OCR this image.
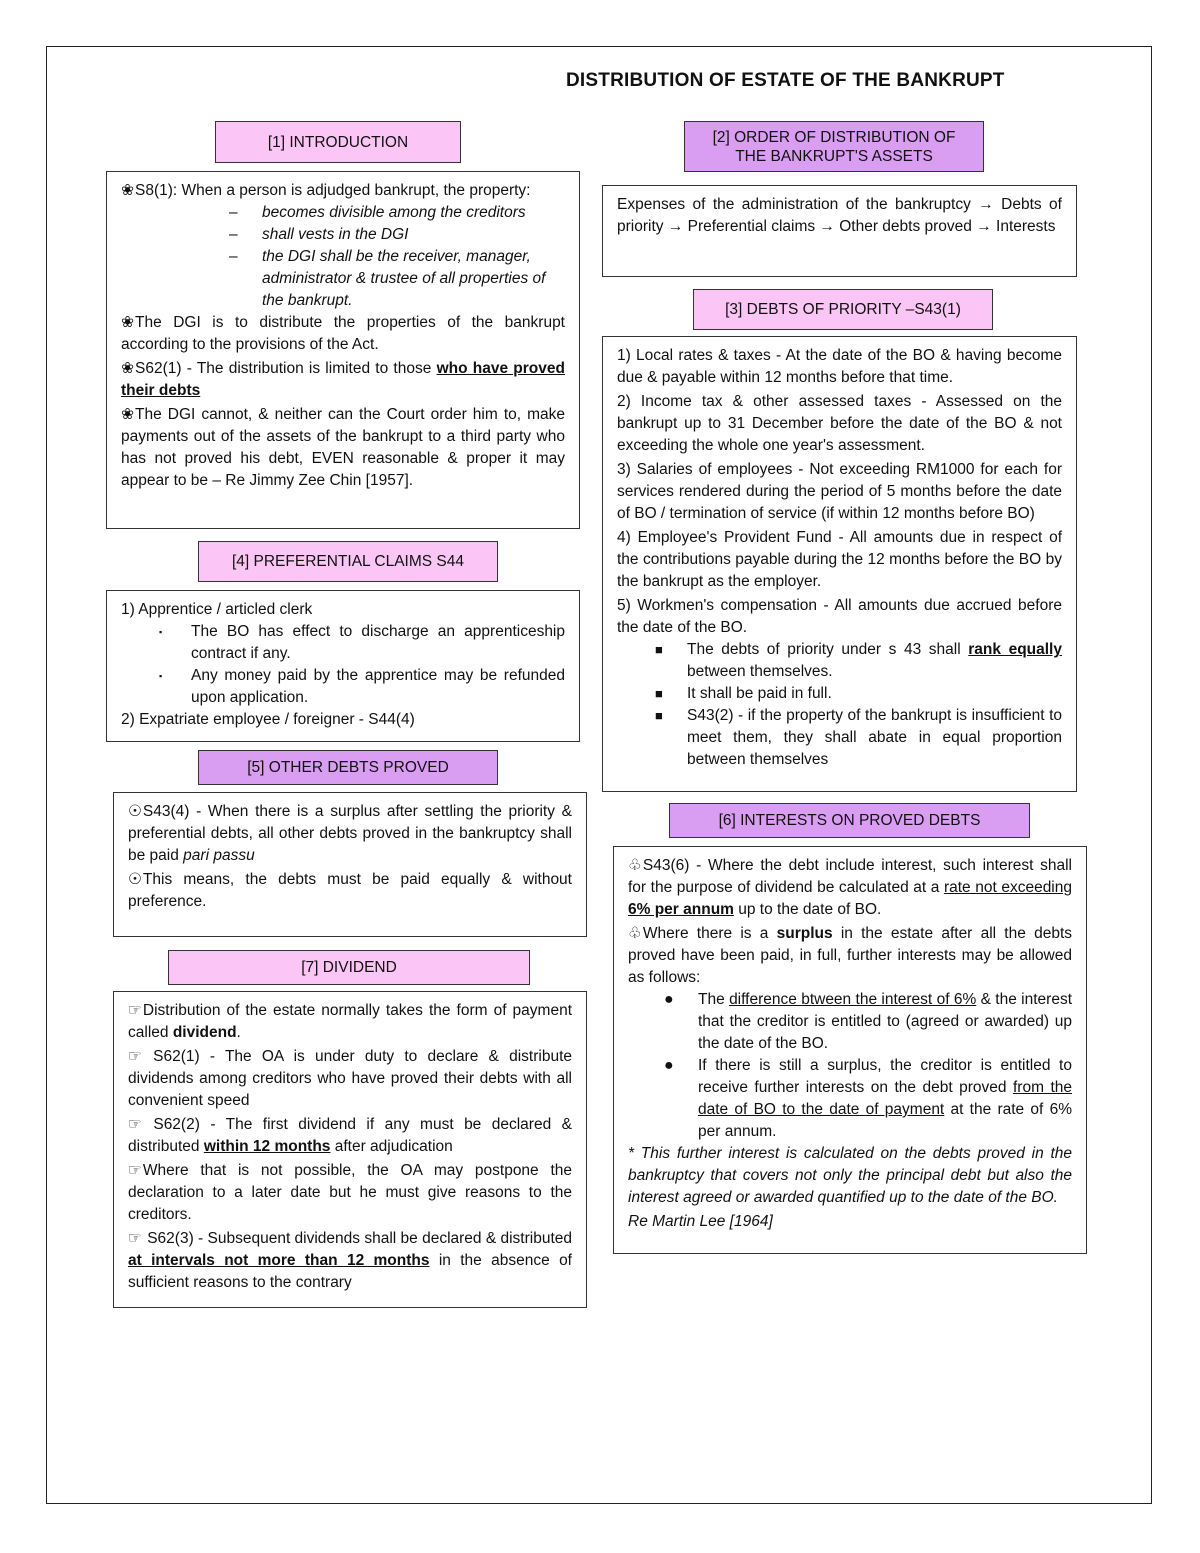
DISTRIBUTION OF ESTATE OF THE BANKRUPT
[1] INTRODUCTION

❀S8(1): When a person is adjudged bankrupt, the property:

– becomes divisible among the creditors
– shall vests in the DGI
– the DGI shall be the receiver, manager, administrator & trustee of all properties of the bankrupt.

❀The DGI is to distribute the properties of the bankrupt according to the provisions of the Act.

❀S62(1) - The distribution is limited to those who have proved their debts

❀The DGI cannot, & neither can the Court order him to, make payments out of the assets of the bankrupt to a third party who has not proved his debt, EVEN reasonable & proper it may appear to be – Re Jimmy Zee Chin [1957].

[2] ORDER OF DISTRIBUTION OF
THE BANKRUPT'S ASSETS

Expenses of the administration of the bankruptcy → Debts of priority → Preferential claims → Other debts proved → Interests

[3] DEBTS OF PRIORITY –S43(1)

1) Local rates & taxes - At the date of the BO & having become due & payable within 12 months before that time.

2) Income tax & other assessed taxes - Assessed on the bankrupt up to 31 December before the date of the BO & not exceeding the whole one year's assessment.

3) Salaries of employees - Not exceeding RM1000 for each for services rendered during the period of 5 months before the date of BO / termination of service (if within 12 months before BO)

4) Employee's Provident Fund - All amounts due in respect of the contributions payable during the 12 months before the BO by the bankrupt as the employer.

5) Workmen's compensation - All amounts due accrued before the date of the BO.

■ The debts of priority under s 43 shall rank equally between themselves.
■ It shall be paid in full.
■ S43(2) - if the property of the bankrupt is insufficient to meet them, they shall abate in equal proportion between themselves
[4] PREFERENTIAL CLAIMS S44

1) Apprentice / articled clerk

▪ The BO has effect to discharge an apprenticeship contract if any.
▪ Any money paid by the apprentice may be refunded upon application.

2) Expatriate employee / foreigner - S44(4)

[5] OTHER DEBTS PROVED

☉S43(4) - When there is a surplus after settling the priority & preferential debts, all other debts proved in the bankruptcy shall be paid pari passu

☉This means, the debts must be paid equally & without preference.

[6] INTERESTS ON PROVED DEBTS

♧S43(6) - Where the debt include interest, such interest shall for the purpose of dividend be calculated at a rate not exceeding 6% per annum up to the date of BO.

♧Where there is a surplus in the estate after all the debts proved have been paid, in full, further interests may be allowed as follows:

● The difference btween the interest of 6% & the interest that the creditor is entitled to (agreed or awarded) up the date of the BO.
● If there is still a surplus, the creditor is entitled to receive further interests on the debt proved from the date of BO to the date of payment at the rate of 6% per annum.

* This further interest is calculated on the debts proved in the bankruptcy that covers not only the principal debt but also the interest agreed or awarded quantified up to the date of the BO.

Re Martin Lee [1964]

[7] DIVIDEND

☞Distribution of the estate normally takes the form of payment called dividend.

☞ S62(1) - The OA is under duty to declare & distribute dividends among creditors who have proved their debts with all convenient speed

☞ S62(2) - The first dividend if any must be declared & distributed within 12 months after adjudication

☞Where that is not possible, the OA may postpone the declaration to a later date but he must give reasons to the creditors.

☞ S62(3) - Subsequent dividends shall be declared & distributed at intervals not more than 12 months in the absence of sufficient reasons to the contrary
